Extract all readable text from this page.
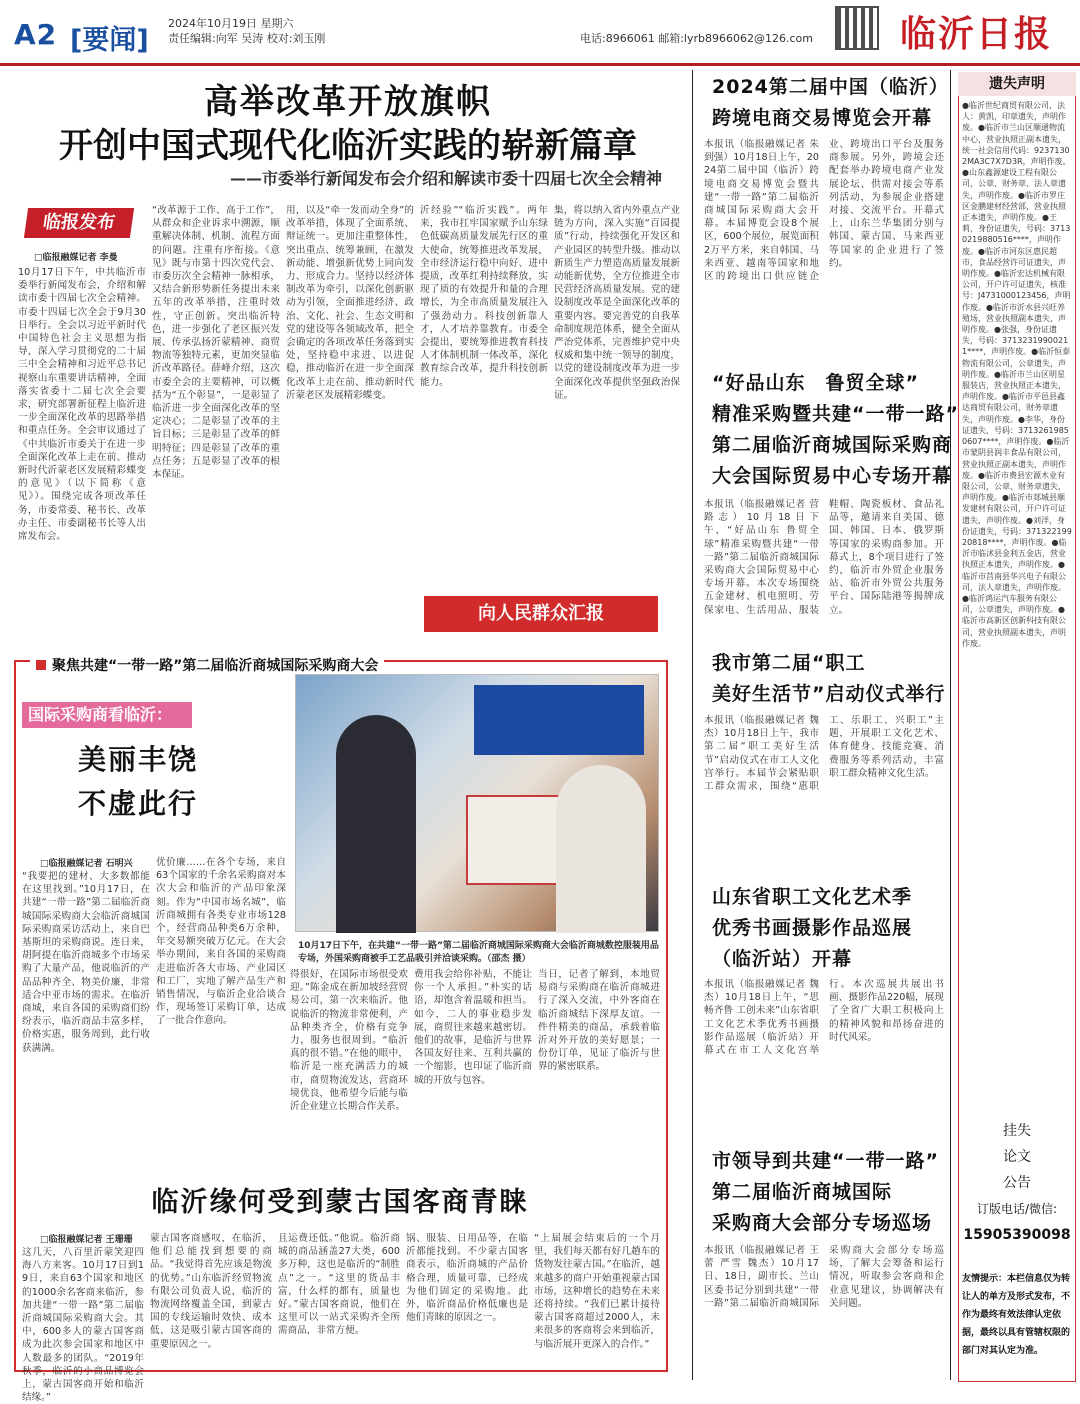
A2 [要闻]
2024年10月19日 星期六
责任编辑:向军 吴涛 校对:刘玉刚	电话:8966061 邮箱:lyrb8966062@126.com 临沂日报
高举改革开放旗帜
开创中国式现代化临沂实践的崭新篇章
——市委举行新闻发布会介绍和解读市委十四届七次全会精神
临报发布
□临报融媒记者 李曼
10月17日下午，中共临沂市委举行新闻发布会，介绍和解读市委十四届七次全会精神。市委十四届七次全会于9月30日举行。全会以习近平新时代中国特色社会主义思想为指导，深入学习贯彻党的二十届三中全会精神和习近平总书记视察山东重要讲话精神，全面落实省委十二届七次全会要求，研究部署新征程上临沂进一步全面深化改革的思路举措和重点任务。全会审议通过了《中共临沂市委关于在进一步全面深化改革上走在前、推动新时代沂蒙老区发展精彩蝶变的意见》（以下简称《意见》）。围绕完成各项改革任务，市委常委、秘书长、改革办主任、市委副秘书长等人出席发布会。
“改革源于工作、高于工作”，从群众和企业诉求中溯源，顺重解决体制、机制、流程方面的问题。注重有序衔接。《意见》既与市第十四次党代会、市委历次全会精神一脉相承，又结合新形势新任务提出未来五年的改革举措，注重时效性，守正创新。突出临沂特色，进一步强化了老区振兴发展、传承弘扬沂蒙精神、商贸物流等独特元素，更加突显临沂改革路径。薛峰介绍，这次市委全会的主要精神，可以概括为“五个彰显”，一是彰显了临沂进一步全面深化改革的坚定决心；二是彰显了改革的主旨目标；三是彰显了改革的鲜明特征；四是彰显了改革的重点任务；五是彰显了改革的根本保证。
用，以及“牵一发而动全身”的改革举措，体现了全面系统、辩证统一。更加注重整体性，突出重点、统筹兼顾，在激发新动能、增强新优势上同向发力、形成合力。坚持以经济体制改革为牵引，以深化创新驱动为引领，全面推进经济、政治、文化、社会、生态文明和党的建设等各领域改革，把全会确定的各项改革任务落到实处，坚持稳中求进、以进促稳，推动临沂在进一步全面深化改革上走在前、推动新时代沂蒙老区发展精彩蝶变。
沂经验”“临沂实践”。两年来，我市扛牢国家赋予山东绿色低碳高质量发展先行区的重大使命，统筹推进改革发展，全市经济运行稳中向好、进中提质，改革红利持续释放，实现了质的有效提升和量的合理增长，为全市高质量发展注入了强劲动力。科技创新靠人才，人才培养靠教育。市委全会提出，要统筹推进教育科技人才体制机制一体改革，深化教育综合改革，提升科技创新能力。
集，将以纳入省内外重点产业链为方向，深入实施“百园提质”行动，持续强化开发区和产业园区的转型升级。推动以新质生产力塑造高质量发展新动能新优势，全方位推进全市民营经济高质量发展。党的建设制度改革是全面深化改革的重要内容。要完善党的自我革命制度规范体系，健全全面从严治党体系，完善维护党中央权威和集中统一领导的制度，以党的建设制度改革为进一步全面深化改革提供坚强政治保证。
向人民群众汇报
聚焦共建“一带一路”第二届临沂商城国际采购商大会
国际采购商看临沂：
美丽丰饶
不虚此行
□临报融媒记者 石明兴
“我要把的建材、大多数都能在这里找到。”10月17日，在共建“一带一路”第二届临沂商城国际采购商大会临沂商城国际采购商采访活动上，来自巴基斯坦的采购商说。连日来，胡阿提在临沂商城多个市场采购了大量产品，他说临沂的产品品种齐全、物美价廉，非常适合中亚市场的需求。在临沂商城，来自各国的采购商们纷纷表示，临沂商品丰富多样，价格实惠，服务周到，此行收获满满。
优价廉……在各个专场，来自63个国家的千余名采购商对本次大会和临沂的产品印象深刻。作为“中国市场名城”，临沂商城拥有各类专业市场128个，经营商品种类6万余种，年交易额突破万亿元。在大会举办期间，来自各国的采购商走进临沂各大市场、产业园区和工厂，实地了解产品生产和销售情况，与临沂企业洽谈合作，现场签订采购订单，达成了一批合作意向。
10月17日下午，在共建“一带一路”第二届临沂商城国际采购商大会临沂商城数控服装用品专场，外国采购商被手工艺品吸引并洽谈采购。（邵杰 摄）
得很好，在国际市场很受欢迎。”陈金成在新加坡经营贸易公司，第一次来临沂。他说临沂的物流非常便利，产品种类齐全，价格有竞争力，服务也很周到。“临沂真的很不错。”在他的眼中，临沂是一座充满活力的城市，商贸物流发达，营商环境优良，他希望今后能与临沂企业建立长期合作关系。
费用我会给你补贴，不能让你一个人承担。”朴实的话语，却饱含着温暖和担当。如今，二人的事业稳步发展，商贸往来越来越密切。他们的故事，是临沂与世界各国友好往来、互利共赢的一个缩影，也印证了临沂商城的开放与包容。
当日，记者了解到，本地贸易商与采购商在临沂商城进行了深入交流，中外客商在临沂商城结下深厚友谊。一件件精美的商品，承载着临沂对外开放的美好愿景；一份份订单，见证了临沂与世界的紧密联系。
临沂缘何受到蒙古国客商青睐
□临报融媒记者 王珊珊
这几天，八百里沂蒙笑迎四海八方来客。10月17日到19日，来自63个国家和地区的1000余名客商来临沂，参加共建“一带一路”第二届临沂商城国际采购商大会。其中，600多人的蒙古国客商成为此次参会国家和地区中人数最多的团队。“2019年秋季，临沂的小商品博览会上，蒙古国客商开始和临沂结缘。”
蒙古国客商感叹，在临沂，他们总能找到想要的商品。“我觉得首先应该是物流的优势。”山东临沂经贸物流有限公司负责人说，临沂的物流网络覆盖全国，到蒙古国的专线运输时效快、成本低，这是吸引蒙古国客商的重要原因之一。
且运费还低。”他说。临沂商城的商品涵盖27大类，600多万种，这也是临沂的“制胜点”之一。“这里的货品丰富，什么样的都有，质量也好。”蒙古国客商说，他们在这里可以一站式采购齐全所需商品，非常方便。
锅、服装、日用品等，在临沂都能找到。不少蒙古国客商表示，临沂商城的产品价格合理，质量可靠，已经成为他们固定的采购地。此外，临沂商品价格低廉也是他们青睐的原因之一。
“上届展会结束后的一个月里，我们每天都有好几趟车的货物发往蒙古国。”在临沂，越来越多的商户开始重视蒙古国市场，这种增长的趋势在未来还将持续。“我们已累计接待蒙古国客商超过2000人，未来很多的客商将会来到临沂，与临沂展开更深入的合作。”
2024第二届中国（临沂）
跨境电商交易博览会开幕
本报讯（临报融媒记者 朱到强）10月18日上午，2024第二届中国（临沂）跨境电商交易博览会暨共建“一带一路”第二届临沂商城国际采购商大会开幕。本届博览会设8个展区，600个展位，展览面积2万平方米，来自韩国、马来西亚、越南等国家和地区的跨境出口供应链企业、跨境出口平台及服务商参展。另外，跨境会还配套举办跨境电商产业发展论坛、供需对接会等系列活动，为参展企业搭建对接、交流平台。开幕式上，山东兰华集团分别与韩国、蒙古国、马来西亚等国家的企业进行了签约。
“好品山东　鲁贸全球”
精准采购暨共建“一带一路”
第二届临沂商城国际采购商
大会国际贸易中心专场开幕
本报讯（临报融媒记者 营路志）10月18日下午，“好品山东 鲁贸全球”精准采购暨共建“一带一路”第二届临沂商城国际采购商大会国际贸易中心专场开幕。本次专场围绕五金建材、机电照明、劳保家电、生活用品、服装鞋帽、陶瓷板材、食品礼品等，邀请来自美国、德国、韩国、日本、俄罗斯等国家的采购商参加。开幕式上，8个项目进行了签约，临沂市外贸企业服务站、临沂市外贸公共服务平台、国际陆港等揭牌成立。
我市第二届“职工
美好生活节”启动仪式举行
本报讯（临报融媒记者 魏杰）10月18日上午，我市第二届“职工美好生活节”启动仪式在市工人文化宫举行。本届节会紧贴职工群众需求，围绕“惠职工、乐职工、兴职工”主题，开展职工文化艺术、体育健身、技能竞赛、消费服务等系列活动，丰富职工群众精神文化生活。
山东省职工文化艺术季
优秀书画摄影作品巡展
（临沂站）开幕
本报讯（临报融媒记者 魏杰）10月18日上午，“思畅齐鲁 工创未来”山东省职工文化艺术季优秀书画摄影作品巡展（临沂站）开幕式在市工人文化宫举行。本次巡展共展出书画、摄影作品220幅，展现了全省广大职工积极向上的精神风貌和昂扬奋进的时代风采。
市领导到共建“一带一路”
第二届临沂商城国际
采购商大会部分专场巡场
本报讯（临报融媒记者 王蕾 严雪 魏杰）10月17日、18日，副市长、兰山区委书记分别到共建“一带一路”第二届临沂商城国际采购商大会部分专场巡场，了解大会筹备和运行情况，听取参会客商和企业意见建议，协调解决有关问题。
遗失声明
●临沂世纪商贸有限公司，法人：黄凯，印章遗失，声明作废。●临沂市兰山区顺通物流中心，营业执照正副本遗失，统一社会信用代码：92371302MA3C7X7D3R，声明作废。●山东鑫源建设工程有限公司，公章、财务章、法人章遗失，声明作废。●临沂市罗庄区金鹏建材经营部，营业执照正本遗失，声明作废。●王莉，身份证遗失，号码：37130219880516****，声明作废。●临沂市河东区惠民超市，食品经营许可证遗失，声明作废。●临沂宏达机械有限公司，开户许可证遗失，核准号：J4731000123456，声明作废。●临沂市沂水县兴旺养殖场，营业执照副本遗失，声明作废。●张强，身份证遗失，号码：37132319900211****，声明作废。●临沂恒泰物流有限公司，公章遗失，声明作废。●临沂市兰山区明星服装店，营业执照正本遗失，声明作废。●临沂市平邑县鑫达商贸有限公司，财务章遗失，声明作废。●李华，身份证遗失，号码：37132619850607****，声明作废。●临沂市蒙阴县润丰食品有限公司，营业执照正副本遗失，声明作废。●临沂市费县宏源木业有限公司，公章、财务章遗失，声明作废。●临沂市郯城县顺发建材有限公司，开户许可证遗失，声明作废。●刘洋，身份证遗失，号码：37132219920818****，声明作废。●临沂市临沭县金利五金店，营业执照正本遗失，声明作废。●临沂市莒南县华兴电子有限公司，法人章遗失，声明作废。●临沂鸿运汽车服务有限公司，公章遗失，声明作废。●临沂市高新区创新科技有限公司，营业执照副本遗失，声明作废。
挂失
论文
公告
订版电话/微信:
15905390098
友情提示：本栏信息仅为转让人的单方及形式发布，不作为最终有效法律认定依据，最终以具有管辖权限的部门对其认定为准。
